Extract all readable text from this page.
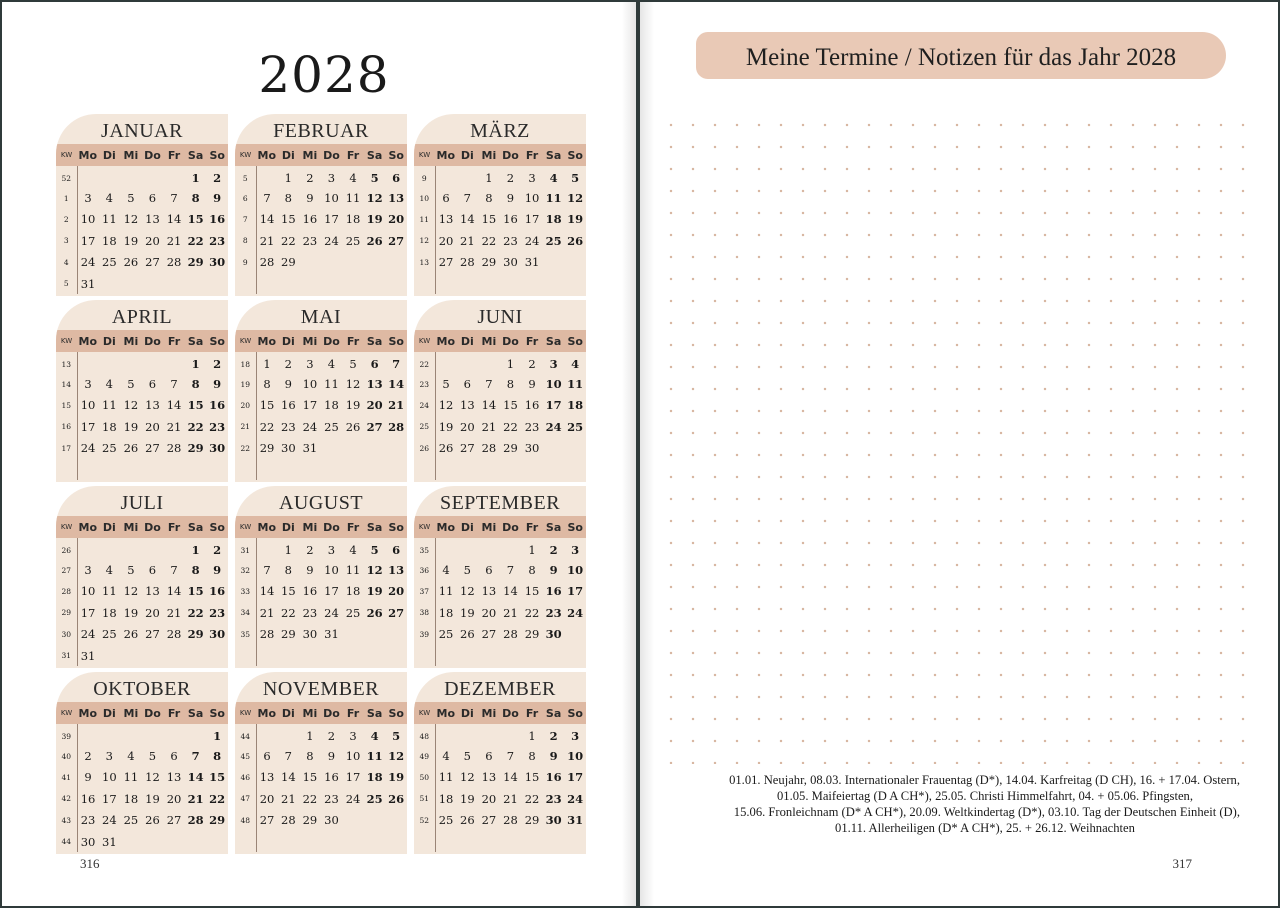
2028
JANUAR
KW	Mo	Di	Mi	Do	Fr	Sa	So
52						1	2
1	3	4	5	6	7	8	9
2	10	11	12	13	14	15	16
3	17	18	19	20	21	22	23
4	24	25	26	27	28	29	30
5	31						
FEBRUAR
KW	Mo	Di	Mi	Do	Fr	Sa	So
5		1	2	3	4	5	6
6	7	8	9	10	11	12	13
7	14	15	16	17	18	19	20
8	21	22	23	24	25	26	27
9	28	29					

MÄRZ
KW	Mo	Di	Mi	Do	Fr	Sa	So
9			1	2	3	4	5
10	6	7	8	9	10	11	12
11	13	14	15	16	17	18	19
12	20	21	22	23	24	25	26
13	27	28	29	30	31		

APRIL
KW	Mo	Di	Mi	Do	Fr	Sa	So
13						1	2
14	3	4	5	6	7	8	9
15	10	11	12	13	14	15	16
16	17	18	19	20	21	22	23
17	24	25	26	27	28	29	30

MAI
KW	Mo	Di	Mi	Do	Fr	Sa	So
18	1	2	3	4	5	6	7
19	8	9	10	11	12	13	14
20	15	16	17	18	19	20	21
21	22	23	24	25	26	27	28
22	29	30	31				

JUNI
KW	Mo	Di	Mi	Do	Fr	Sa	So
22				1	2	3	4
23	5	6	7	8	9	10	11
24	12	13	14	15	16	17	18
25	19	20	21	22	23	24	25
26	26	27	28	29	30		

JULI
KW	Mo	Di	Mi	Do	Fr	Sa	So
26						1	2
27	3	4	5	6	7	8	9
28	10	11	12	13	14	15	16
29	17	18	19	20	21	22	23
30	24	25	26	27	28	29	30
31	31						
AUGUST
KW	Mo	Di	Mi	Do	Fr	Sa	So
31		1	2	3	4	5	6
32	7	8	9	10	11	12	13
33	14	15	16	17	18	19	20
34	21	22	23	24	25	26	27
35	28	29	30	31			

SEPTEMBER
KW	Mo	Di	Mi	Do	Fr	Sa	So
35					1	2	3
36	4	5	6	7	8	9	10
37	11	12	13	14	15	16	17
38	18	19	20	21	22	23	24
39	25	26	27	28	29	30	

OKTOBER
KW	Mo	Di	Mi	Do	Fr	Sa	So
39							1
40	2	3	4	5	6	7	8
41	9	10	11	12	13	14	15
42	16	17	18	19	20	21	22
43	23	24	25	26	27	28	29
44	30	31					
NOVEMBER
KW	Mo	Di	Mi	Do	Fr	Sa	So
44			1	2	3	4	5
45	6	7	8	9	10	11	12
46	13	14	15	16	17	18	19
47	20	21	22	23	24	25	26
48	27	28	29	30			

DEZEMBER
KW	Mo	Di	Mi	Do	Fr	Sa	So
48					1	2	3
49	4	5	6	7	8	9	10
50	11	12	13	14	15	16	17
51	18	19	20	21	22	23	24
52	25	26	27	28	29	30	31

316
Meine Termine / Notizen für das Jahr 2028
01.01. Neujahr, 08.03. Internationaler Frauentag (D*), 14.04. Karfreitag (D CH), 16. + 17.04. Ostern,
01.05. Maifeiertag (D A CH*), 25.05. Christi Himmelfahrt, 04. + 05.06. Pfingsten,
15.06. Fronleichnam (D* A CH*), 20.09. Weltkindertag (D*), 03.10. Tag der Deutschen Einheit (D),
01.11. Allerheiligen (D* A CH*), 25. + 26.12. Weihnachten
317
